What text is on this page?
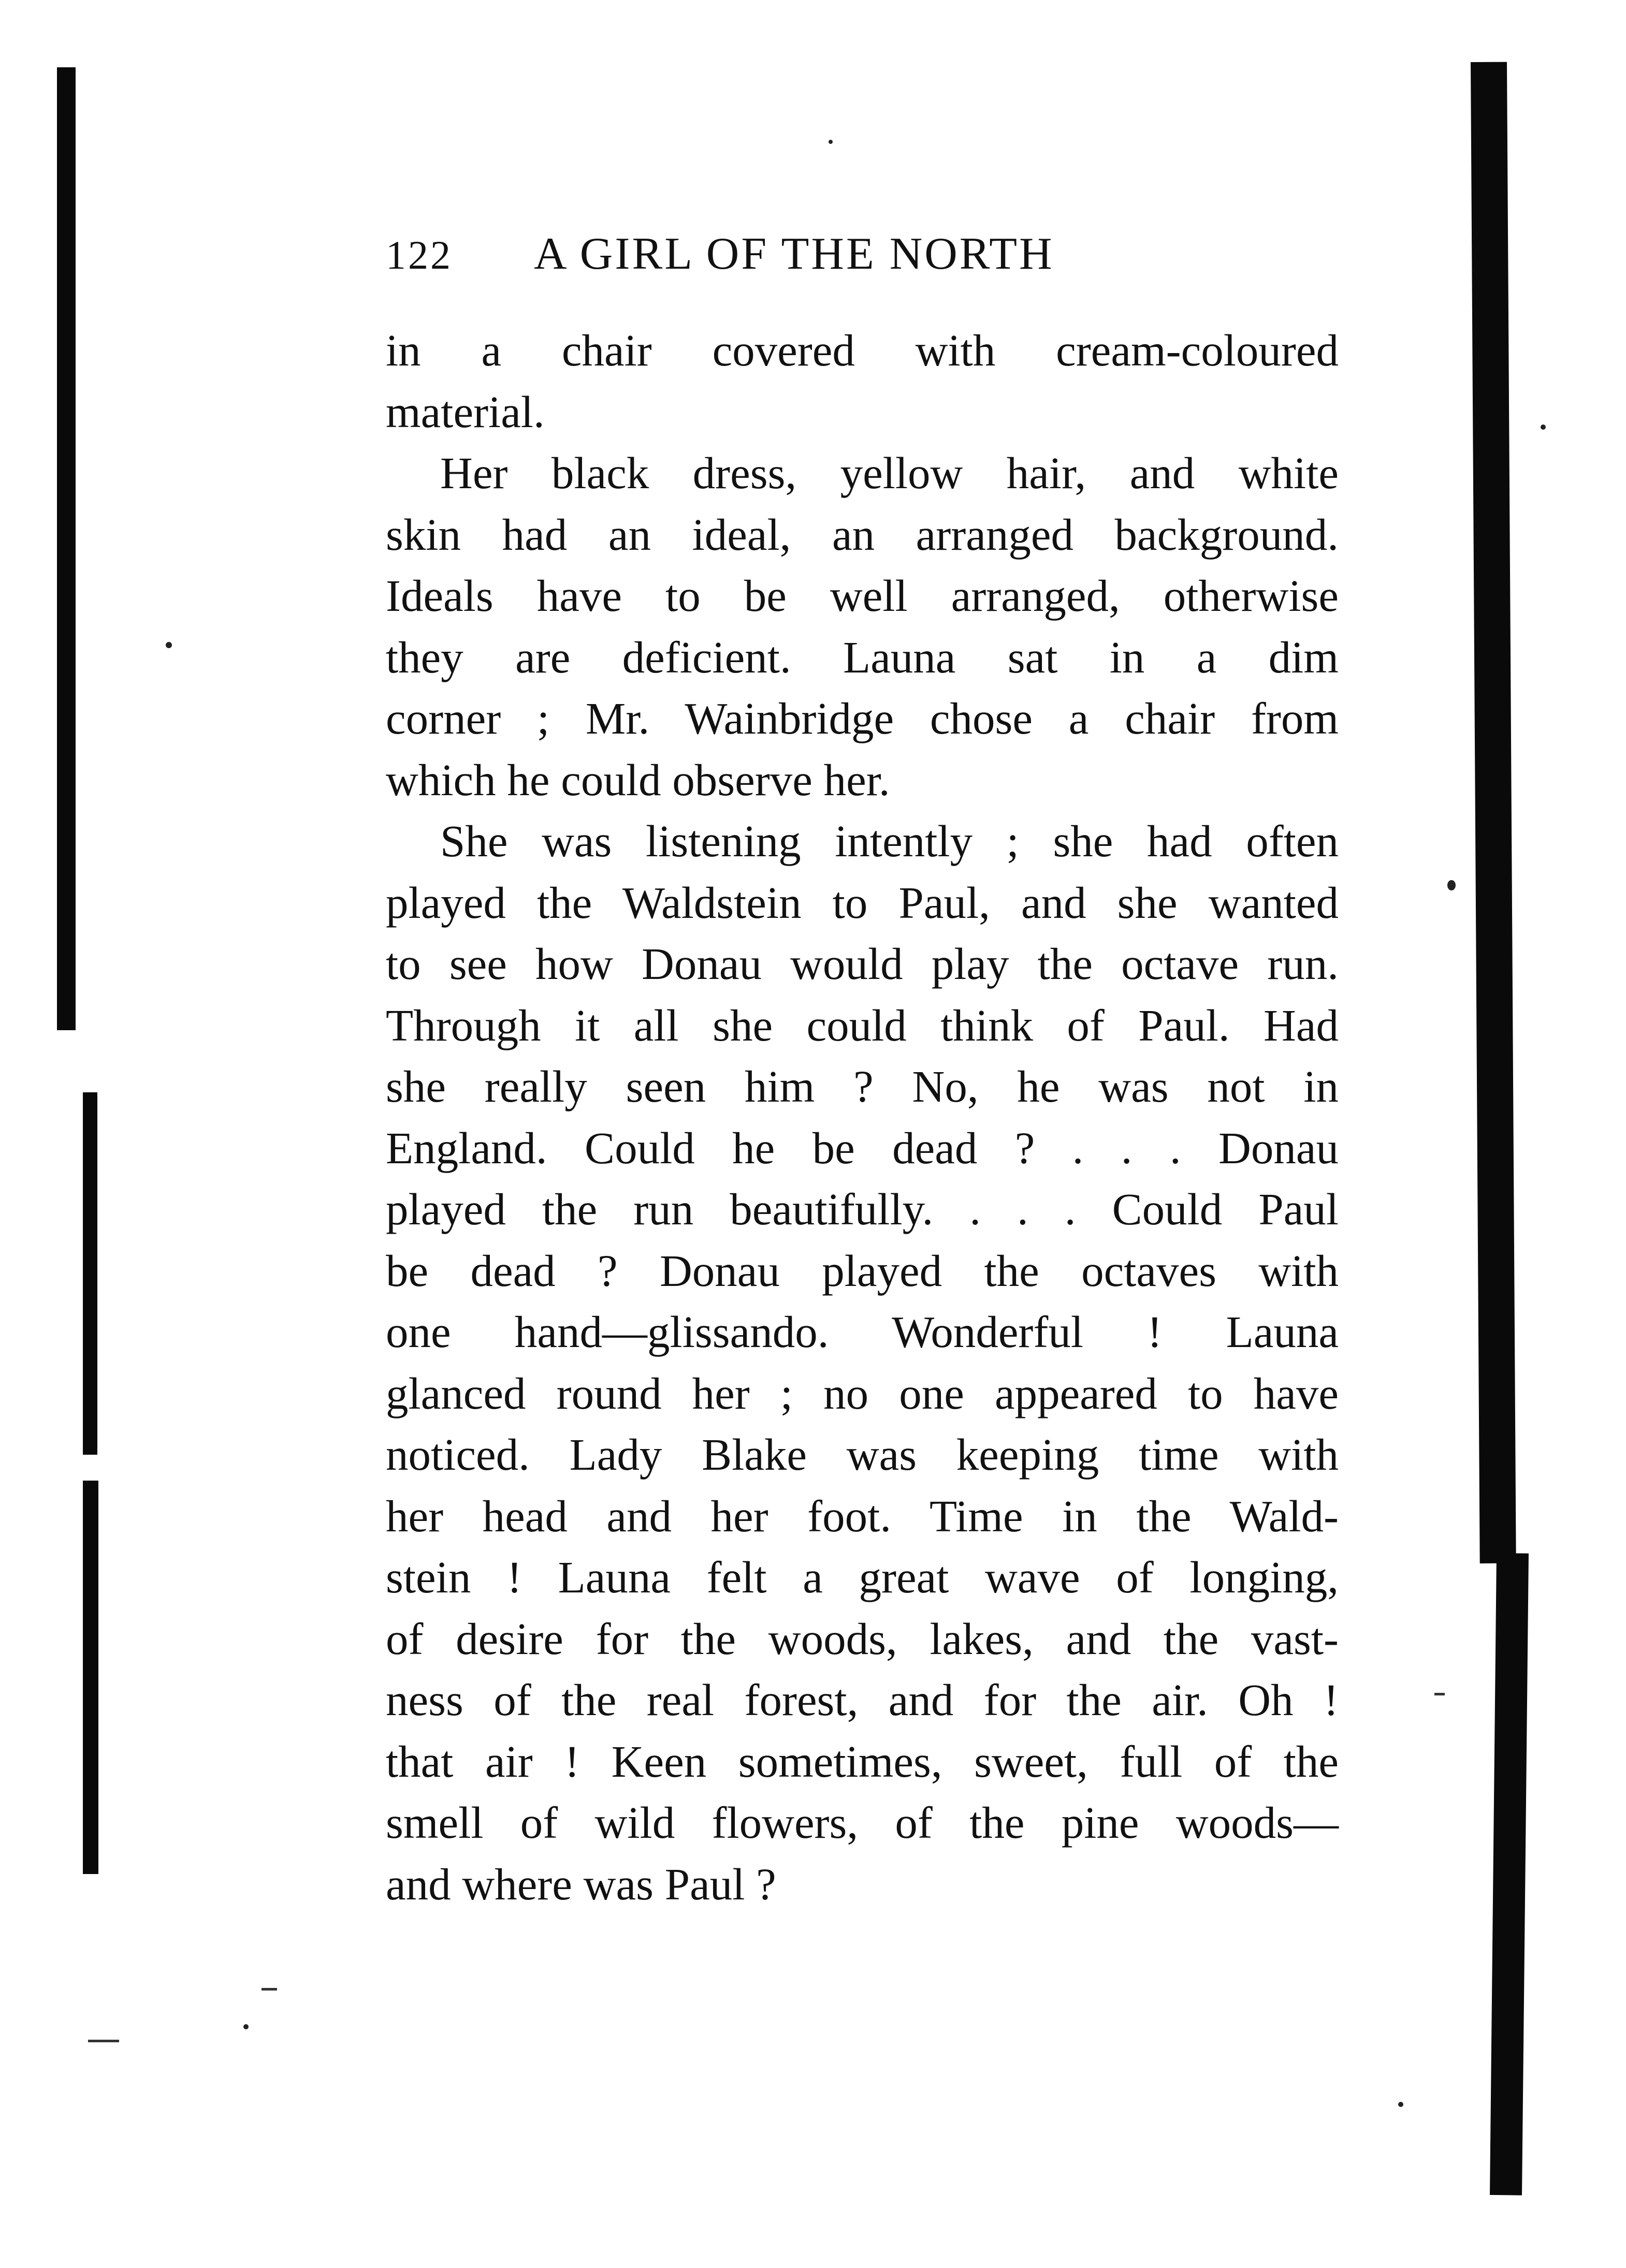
122 A GIRL OF THE NORTH

in a chair covered with cream-coloured
material.

Her black dress, yellow hair, and white
skin had an ideal, an arranged background.
Ideals have to be well arranged, otherwise
they are deficient. Launa sat in a dim
corner ; Mr. Wainbridge chose a chair from
which he could observe her.

She was listening intently ; she had often
played the Waldstein to Paul, and she wanted
to see how Donau would play the octave run.
Through it all she could think of Paul. Had
she really seen him ? No, he was not in
England. Could he be dead ? . . . Donau
played the run beautifully. . . . Could Paul
be dead ? Donau played the octaves with
one hand—glissando. Wonderful ! Launa
glanced round her ; no one appeared to have
noticed. Lady Blake was keeping time with
her head and her foot. Time in the Wald-
stein ! Launa felt a great wave of longing,
of desire for the woods, lakes, and the vast-
ness of the real forest, and for the air. Oh !
that air ! Keen sometimes, sweet, full of the
smell of wild flowers, of the pine woods—
and where was Paul ?
